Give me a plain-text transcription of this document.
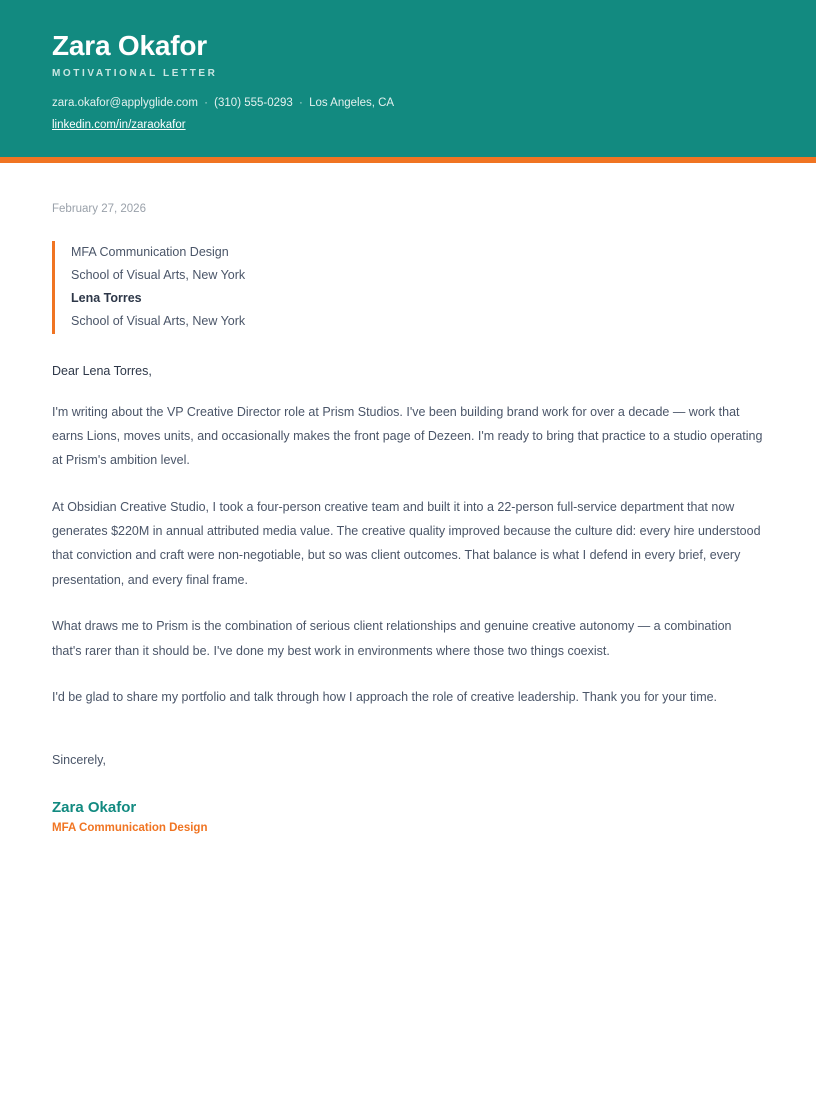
Zara Okafor
MOTIVATIONAL LETTER
zara.okafor@applyglide.com · (310) 555-0293 · Los Angeles, CA
linkedin.com/in/zaraokafor
February 27, 2026
MFA Communication Design
School of Visual Arts, New York
Lena Torres
School of Visual Arts, New York
Dear Lena Torres,

I'm writing about the VP Creative Director role at Prism Studios. I've been building brand work for over a decade — work that earns Lions, moves units, and occasionally makes the front page of Dezeen. I'm ready to bring that practice to a studio operating at Prism's ambition level.

At Obsidian Creative Studio, I took a four-person creative team and built it into a 22-person full-service department that now generates $220M in annual attributed media value. The creative quality improved because the culture did: every hire understood that conviction and craft were non-negotiable, but so was client outcomes. That balance is what I defend in every brief, every presentation, and every final frame.

What draws me to Prism is the combination of serious client relationships and genuine creative autonomy — a combination that's rarer than it should be. I've done my best work in environments where those two things coexist.

I'd be glad to share my portfolio and talk through how I approach the role of creative leadership. Thank you for your time.

Sincerely,
Zara Okafor
MFA Communication Design
